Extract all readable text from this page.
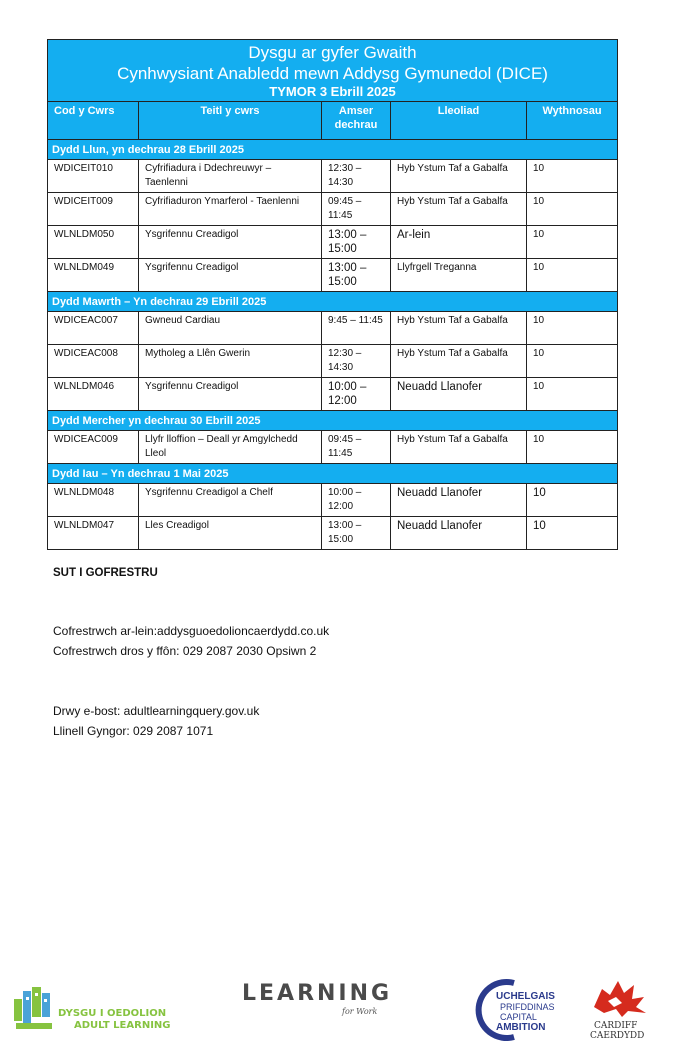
Dysgu ar gyfer Gwaith
Cynhwysiant Anabledd mewn Addysg Gymunedol (DICE)
TYMOR 3 Ebrill 2025				

Cod y Cwrs	Teitl y cwrs	Amser dechrau	Lleoliad	Wythnosau
Dydd Llun, yn dechrau 28 Ebrill 2025				
WDICEIT010	Cyfrifiadura i Ddechreuwyr – Taenlenni	12:30 – 14:30	Hyb Ystum Taf a Gabalfa	10
WDICEIT009	Cyfrifiaduron Ymarferol - Taenlenni	09:45 – 11:45	Hyb Ystum Taf a Gabalfa	10
WLNLDM050	Ysgrifennu Creadigol	13:00 – 15:00	Ar-lein	10
WLNLDM049	Ysgrifennu Creadigol	13:00 – 15:00	Llyfrgell Treganna	10
Dydd Mawrth – Yn dechrau 29 Ebrill 2025				
WDICEAC007	Gwneud Cardiau	9:45 – 11:45	Hyb Ystum Taf a Gabalfa	10
WDICEAC008	Mytholeg a Llên Gwerin	12:30 – 14:30	Hyb Ystum Taf a Gabalfa	10
WLNLDM046	Ysgrifennu Creadigol	10:00 – 12:00	Neuadd Llanofer	10
Dydd Mercher yn dechrau 30 Ebrill 2025				
WDICEAC009	Llyfr lloffion – Deall yr Amgylchedd Lleol	09:45 – 11:45	Hyb Ystum Taf a Gabalfa	10
Dydd Iau – Yn dechrau 1 Mai 2025				
WLNLDM048	Ysgrifennu Creadigol a Chelf	10:00 – 12:00	Neuadd Llanofer	10
WLNLDM047	Lles Creadigol	13:00 – 15:00	Neuadd Llanofer	10
SUT I GOFRESTRU
Cofrestrwch ar-lein:addysguoedolioncaerdydd.co.uk
Cofrestrwch dros y ffôn: 029 2087 2030 Opsiwn 2
Drwy e-bost: adultlearningquery.gov.uk
Llinell Gyngor: 029 2087 1071
DYSGU I OEDOLION
ADULT LEARNING
LEARNING
for Work
UCHELGAIS
PRIFDDINAS
CAPITAL
AMBITION	CARDIFF
CAERDYDD
